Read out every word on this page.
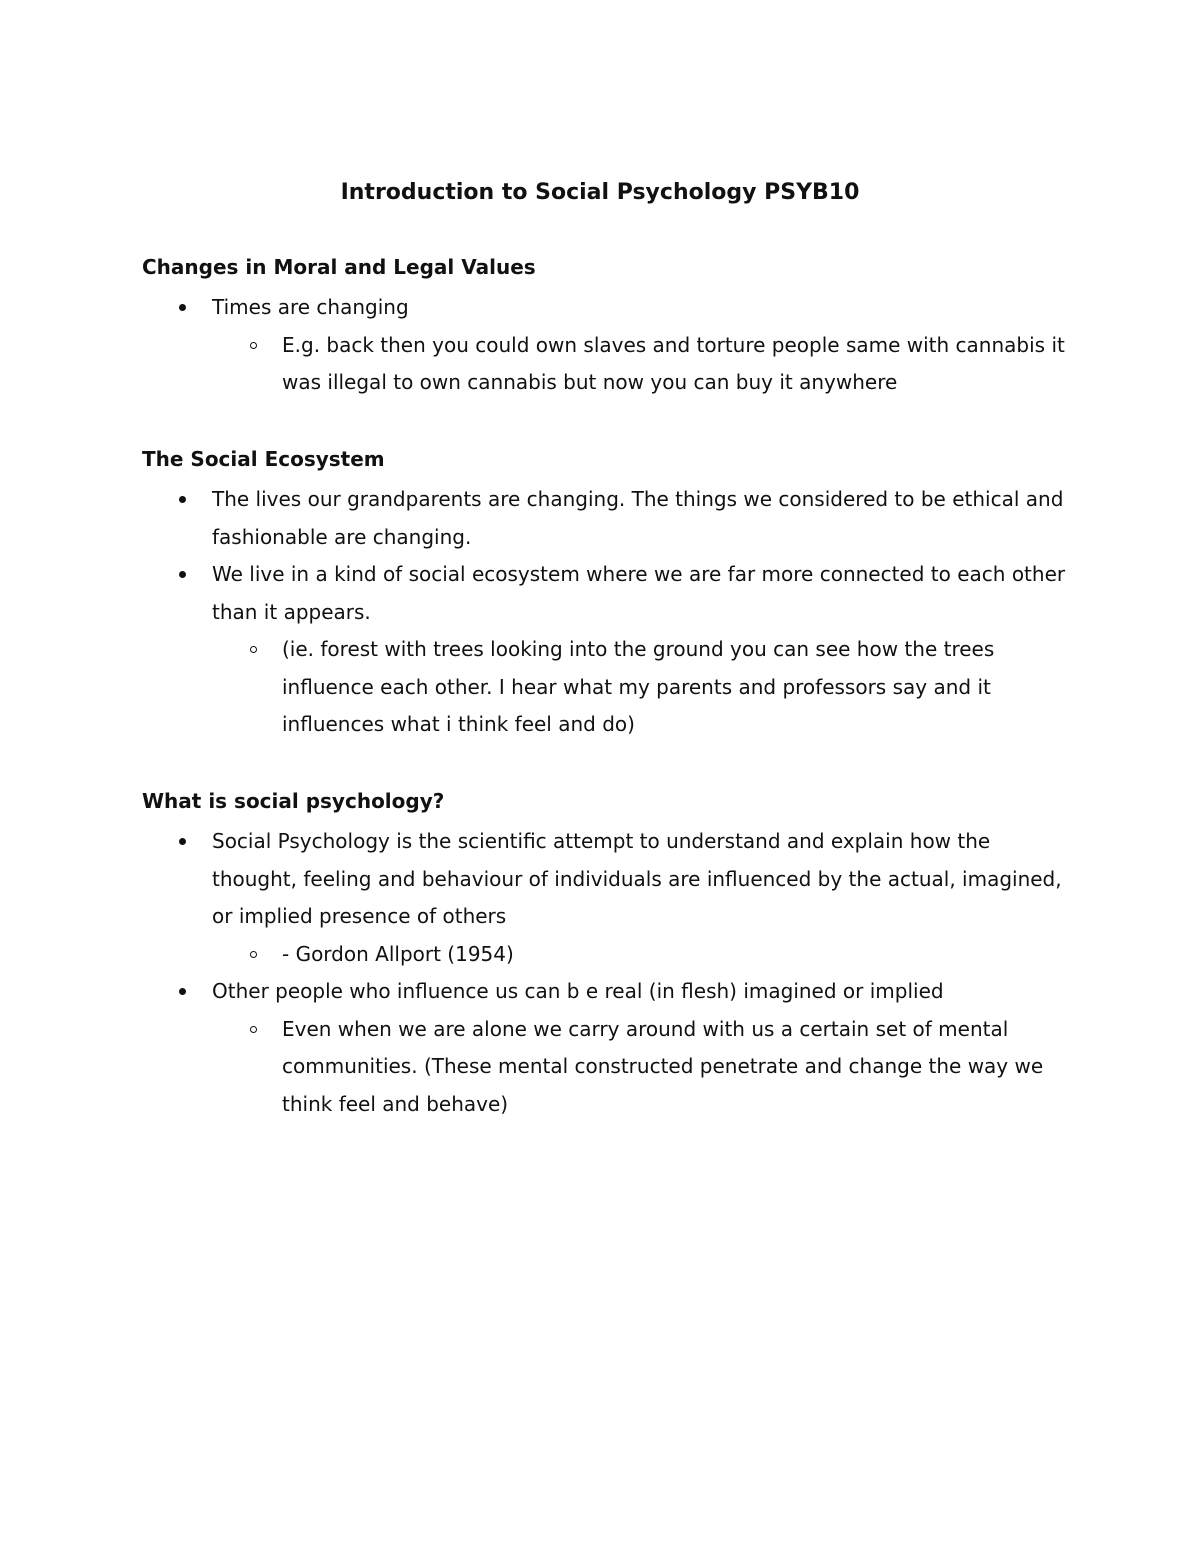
Introduction to Social Psychology PSYB10
Changes in Moral and Legal Values
Times are changing
E.g. back then you could own slaves and torture people same with cannabis it was illegal to own cannabis but now you can buy it anywhere
The Social Ecosystem
The lives our grandparents are changing. The things we considered to be ethical and fashionable are changing.
We live in a kind of social ecosystem where we are far more connected to each other than it appears.
(ie. forest with trees looking into the ground you can see how the trees influence each other. I hear what my parents and professors say and it influences what i think feel and do)
What is social psychology?
Social Psychology is the scientific attempt to understand and explain how the thought, feeling and behaviour of individuals are influenced by the actual, imagined, or implied presence of others
- Gordon Allport (1954)
Other people who influence us can b e real (in flesh) imagined or implied
Even when we are alone we carry around with us a certain set of mental communities. (These mental constructed penetrate and change the way we think feel and behave)
